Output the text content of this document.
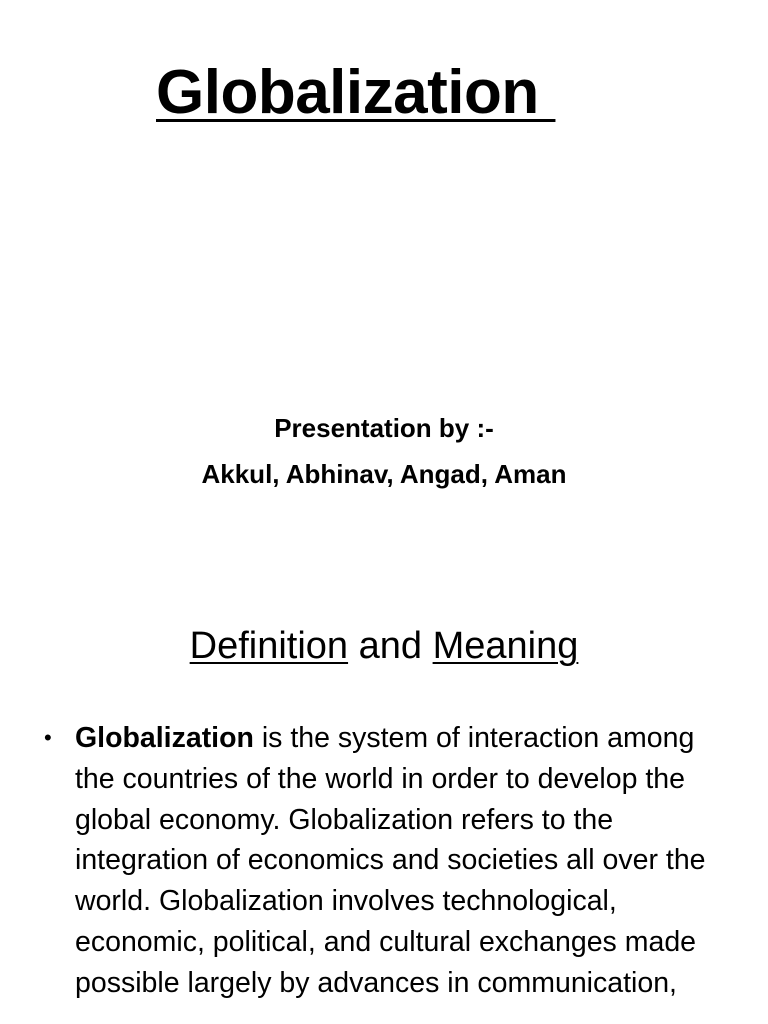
Globalization
Presentation by :-
Akkul, Abhinav, Angad, Aman
Definition and Meaning
• Globalization is the system of interaction among the countries of the world in order to develop the global economy. Globalization refers to the integration of economics and societies all over the world. Globalization involves technological, economic, political, and cultural exchanges made possible largely by advances in communication,
